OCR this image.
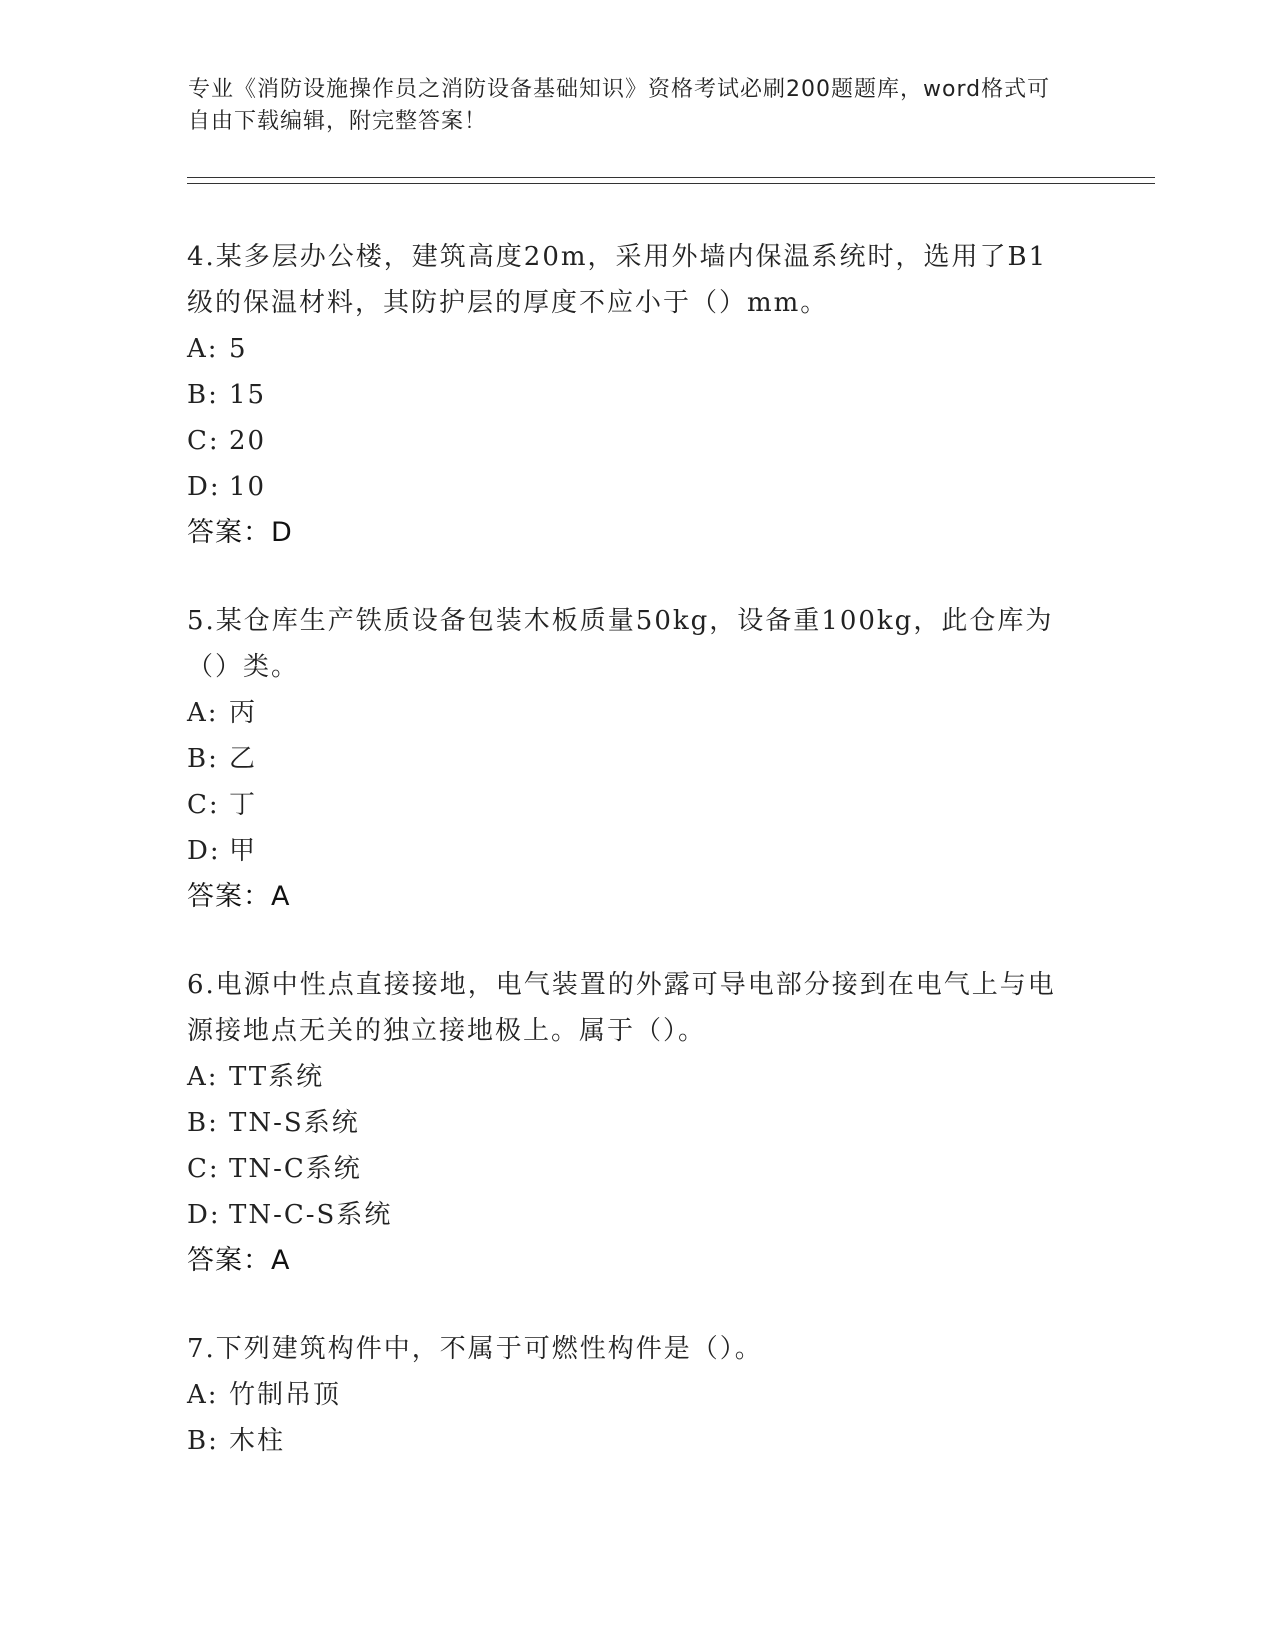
专业《消防设施操作员之消防设备基础知识》资格考试必刷200题题库，word格式可自由下载编辑，附完整答案！

4.某多层办公楼，建筑高度20m，采用外墙内保温系统时，选用了B1级的保温材料，其防护层的厚度不应小于（）mm。

A: 5
B: 15
C: 20
D: 10
答案：D

5.某仓库生产铁质设备包装木板质量50kg，设备重100kg，此仓库为（）类。

A: 丙
B: 乙
C: 丁
D: 甲
答案：A

6.电源中性点直接接地，电气装置的外露可导电部分接到在电气上与电源接地点无关的独立接地极上。属于（）。

A: TT系统
B: TN-S系统
C: TN-C系统
D: TN-C-S系统
答案：A

7.下列建筑构件中，不属于可燃性构件是（）。

A: 竹制吊顶
B: 木柱
